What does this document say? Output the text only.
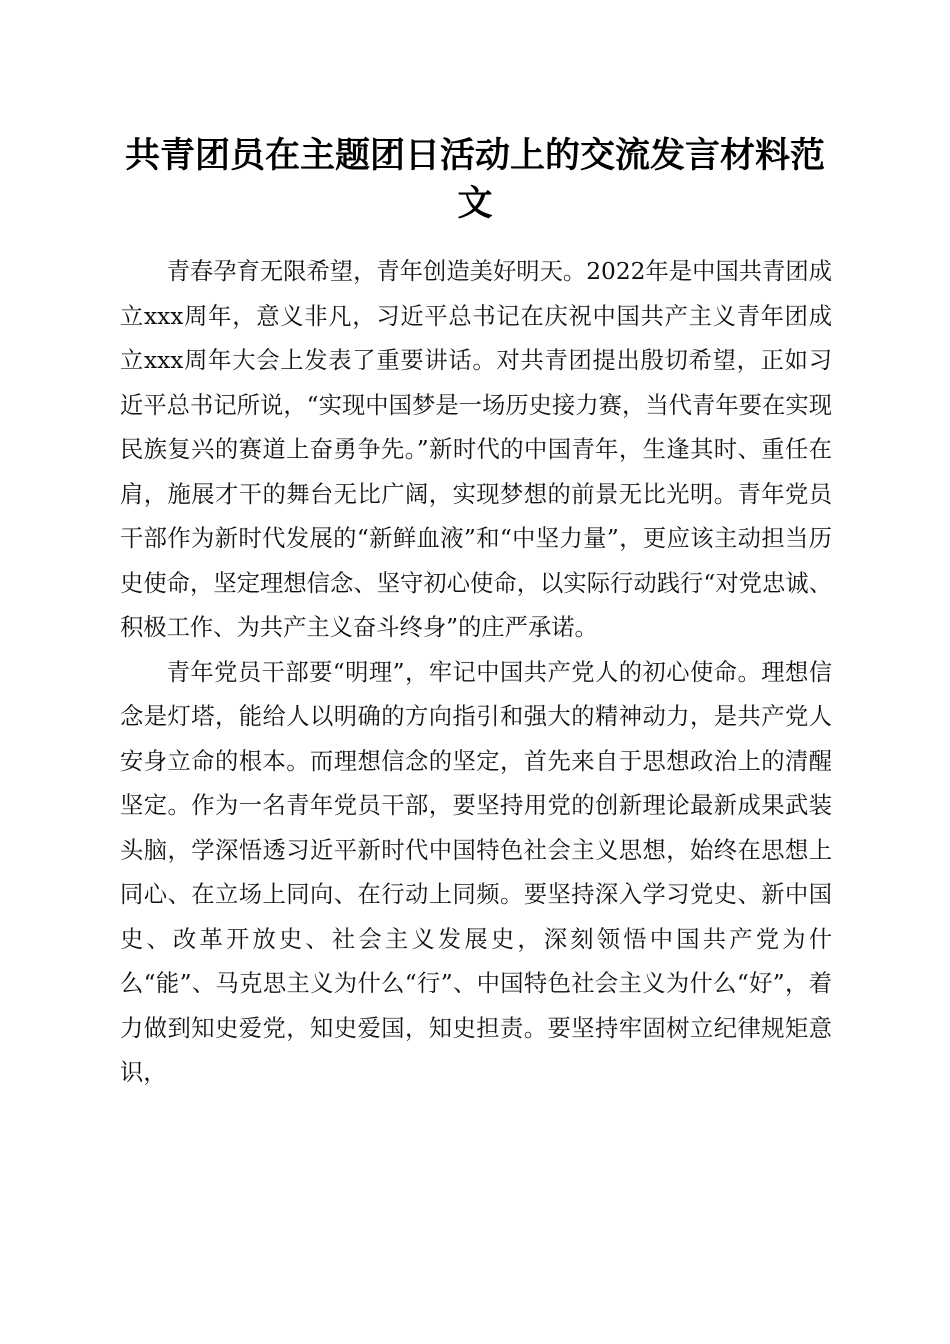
共青团员在主题团日活动上的交流发言材料范文

青春孕育无限希望，青年创造美好明天。2022年是中国共青团成立xxx周年，意义非凡，习近平总书记在庆祝中国共产主义青年团成立xxx周年大会上发表了重要讲话。对共青团提出殷切希望，正如习近平总书记所说，“实现中国梦是一场历史接力赛，当代青年要在实现民族复兴的赛道上奋勇争先。”新时代的中国青年，生逢其时、重任在肩，施展才干的舞台无比广阔，实现梦想的前景无比光明。青年党员干部作为新时代发展的“新鲜血液”和“中坚力量”，更应该主动担当历史使命，坚定理想信念、坚守初心使命，以实际行动践行“对党忠诚、积极工作、为共产主义奋斗终身”的庄严承诺。

青年党员干部要“明理”，牢记中国共产党人的初心使命。理想信念是灯塔，能给人以明确的方向指引和强大的精神动力，是共产党人安身立命的根本。而理想信念的坚定，首先来自于思想政治上的清醒坚定。作为一名青年党员干部，要坚持用党的创新理论最新成果武装头脑，学深悟透习近平新时代中国特色社会主义思想，始终在思想上同心、在立场上同向、在行动上同频。要坚持深入学习党史、新中国史、改革开放史、社会主义发展史，深刻领悟中国共产党为什么“能”、马克思主义为什么“行”、中国特色社会主义为什么“好”，着力做到知史爱党，知史爱国，知史担责。要坚持牢固树立纪律规矩意识，
